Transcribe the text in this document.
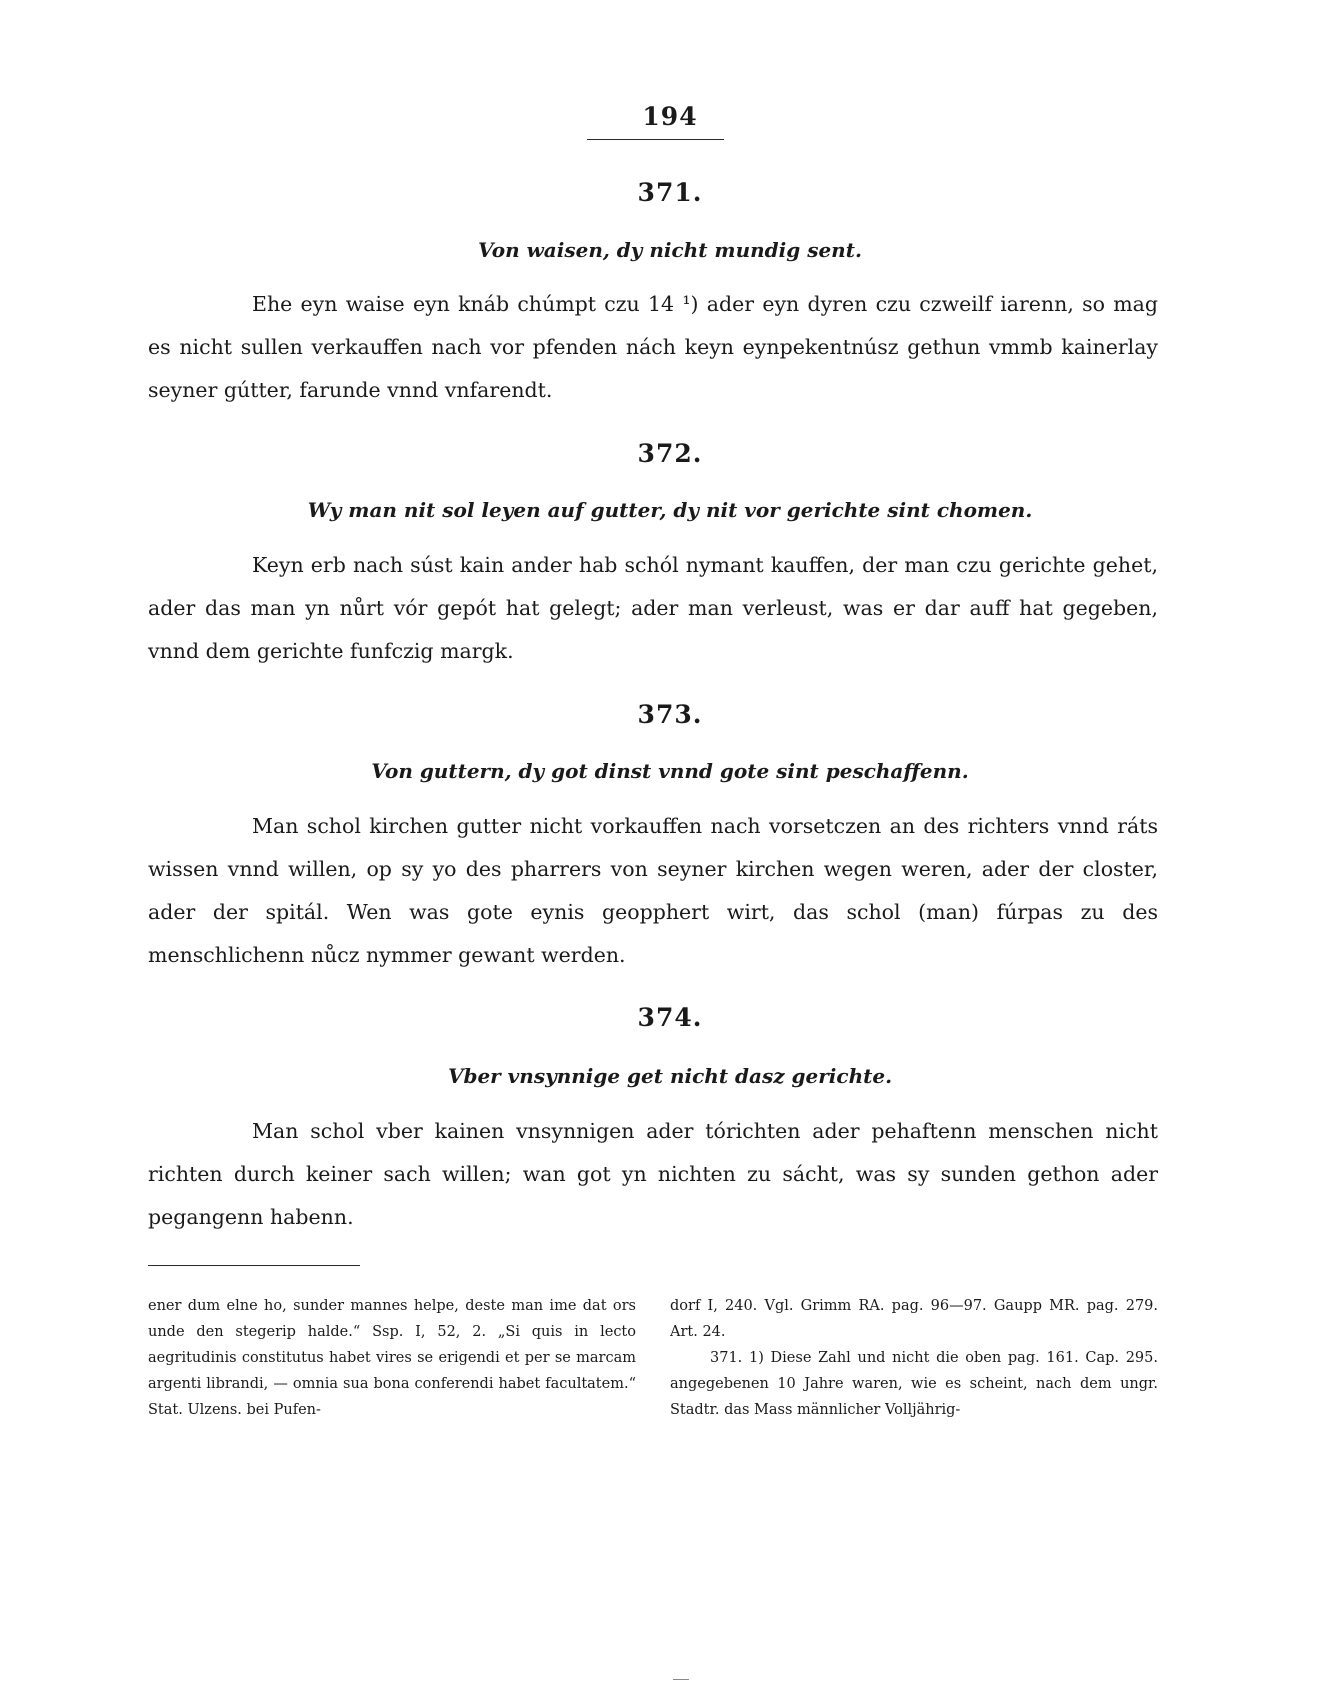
194
371.
Von waisen, dy nicht mundig sent.

Ehe eyn waise eyn knáb chúmpt czu 14 ¹) ader eyn dyren czu czweilf iarenn, so mag es nicht sullen verkauffen nach vor pfenden nách keyn eynpekentnúsz gethun vmmb kainerlay seyner gútter, farunde vnnd vnfarendt.

372.
Wy man nit sol leyen auf gutter, dy nit vor gerichte sint chomen.

Keyn erb nach súst kain ander hab schól nymant kauffen, der man czu gerichte gehet, ader das man yn nůrt vór gepót hat gelegt; ader man verleust, was er dar auff hat gegeben, vnnd dem gerichte funfczig margk.

373.
Von guttern, dy got dinst vnnd gote sint peschaffenn.

Man schol kirchen gutter nicht vorkauffen nach vorsetczen an des richters vnnd ráts wissen vnnd willen, op sy yo des pharrers von seyner kirchen wegen weren, ader der closter, ader der spitál. Wen was gote eynis geopphert wirt, das schol (man) fúrpas zu des menschlichenn nůcz nymmer gewant werden.

374.
Vber vnsynnige get nicht dasz gerichte.

Man schol vber kainen vnsynnigen ader tórichten ader pehaftenn menschen nicht richten durch keiner sach willen; wan got yn nichten zu sácht, was sy sunden gethon ader pegangenn habenn.

ener dum elne ho, sunder mannes helpe, deste man ime dat ors unde den stegerip halde.“ Ssp. I, 52, 2. „Si quis in lecto aegritudinis constitutus habet vires se erigendi et per se marcam argenti librandi, — omnia sua bona conferendi habet facultatem.“ Stat. Ulzens. bei Pufen-

dorf I, 240. Vgl. Grimm RA. pag. 96—97. Gaupp MR. pag. 279. Art. 24.

371. 1) Diese Zahl und nicht die oben pag. 161. Cap. 295. angegebenen 10 Jahre waren, wie es scheint, nach dem ungr. Stadtr. das Mass männlicher Volljährig-
